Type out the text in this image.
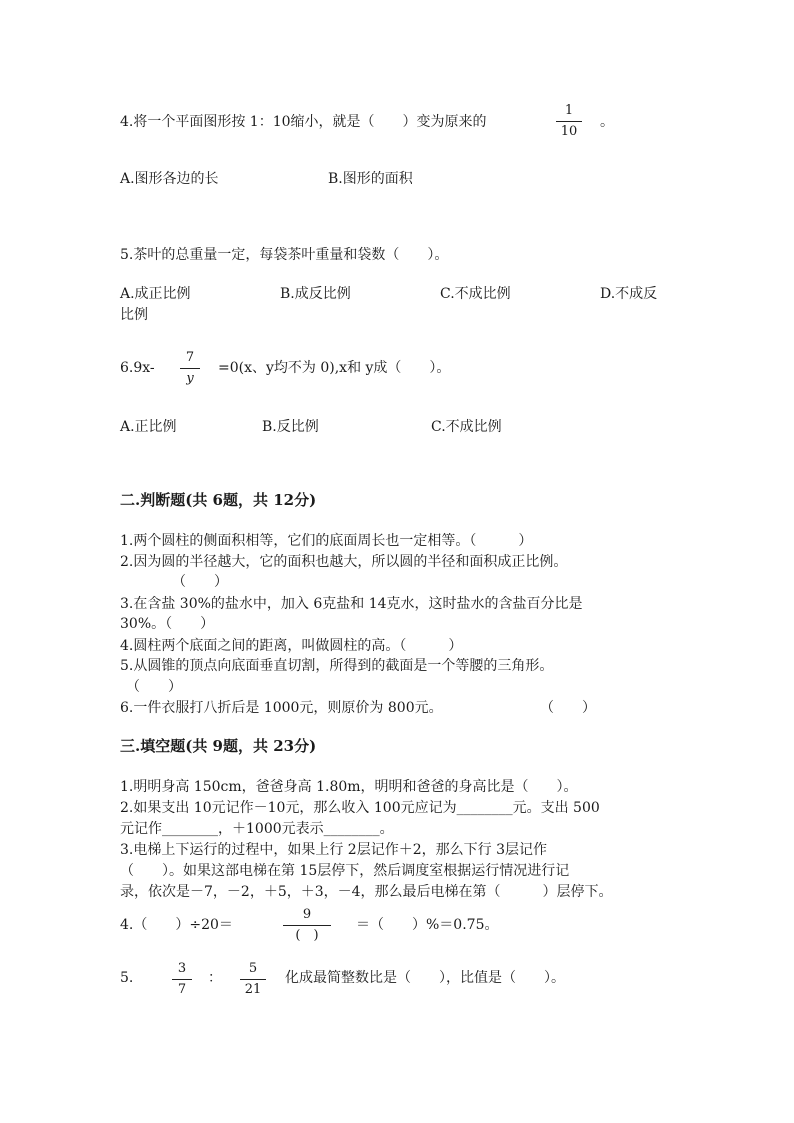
4.将一个平面图形按 1：10缩小，就是（　　）变为原来的
1
10
。
A.图形各边的长	B.图形的面积
5.茶叶的总重量一定，每袋茶叶重量和袋数（　　）。
A.成正比例	B.成反比例	C.不成比例	D.不成反
比例
6.9x-
7
y
=0(x、y均不为 0),x和 y成（　　）。
A.正比例	B.反比例	C.不成比例
二.判断题(共 6题，共 12分)
1.两个圆柱的侧面积相等，它们的底面周长也一定相等。（　　　）
2.因为圆的半径越大，它的面积也越大，所以圆的半径和面积成正比例。
（　　）
3.在含盐 30%的盐水中，加入 6克盐和 14克水，这时盐水的含盐百分比是
30%。（　　）
4.圆柱两个底面之间的距离，叫做圆柱的高。（　　　）
5.从圆锥的顶点向底面垂直切割，所得到的截面是一个等腰的三角形。
（　　）
6.一件衣服打八折后是 1000元，则原价为 800元。	（　　）
三.填空题(共 9题，共 23分)
1.明明身高 150cm，爸爸身高 1.80m，明明和爸爸的身高比是（　　）。
2.如果支出 10元记作－10元，那么收入 100元应记为________元。支出 500
元记作________，＋1000元表示________。
3.电梯上下运行的过程中，如果上行 2层记作＋2，那么下行 3层记作
（　　）。如果这部电梯在第 15层停下，然后调度室根据运行情况进行记
录，依次是－7，－2，＋5，＋3，－4，那么最后电梯在第（　　　）层停下。
4.（　　）÷20＝
9
(　)
＝（　　）%＝0.75。
5.
3
7
：
5
21
化成最简整数比是（　　），比值是（　　）。
